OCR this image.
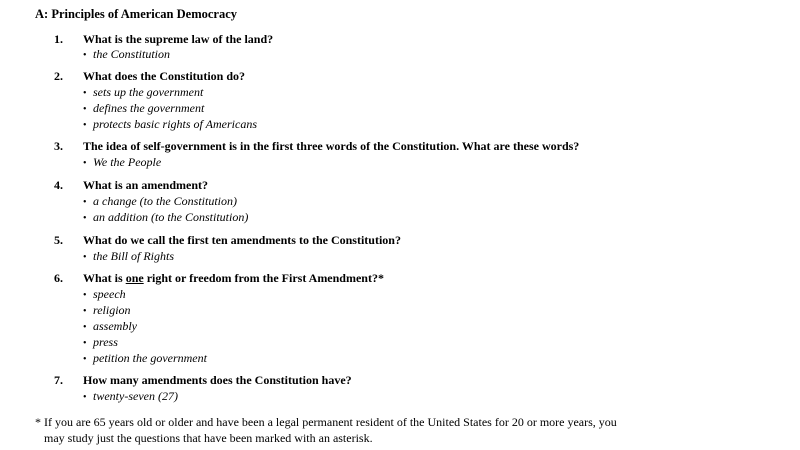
A: Principles of American Democracy
1. What is the supreme law of the land?
• the Constitution
2. What does the Constitution do?
• sets up the government
• defines the government
• protects basic rights of Americans
3. The idea of self-government is in the first three words of the Constitution. What are these words?
• We the People
4. What is an amendment?
• a change (to the Constitution)
• an addition (to the Constitution)
5. What do we call the first ten amendments to the Constitution?
• the Bill of Rights
6. What is one right or freedom from the First Amendment?*
• speech
• religion
• assembly
• press
• petition the government
7. How many amendments does the Constitution have?
• twenty-seven (27)
* If you are 65 years old or older and have been a legal permanent resident of the United States for 20 or more years, you
may study just the questions that have been marked with an asterisk.
